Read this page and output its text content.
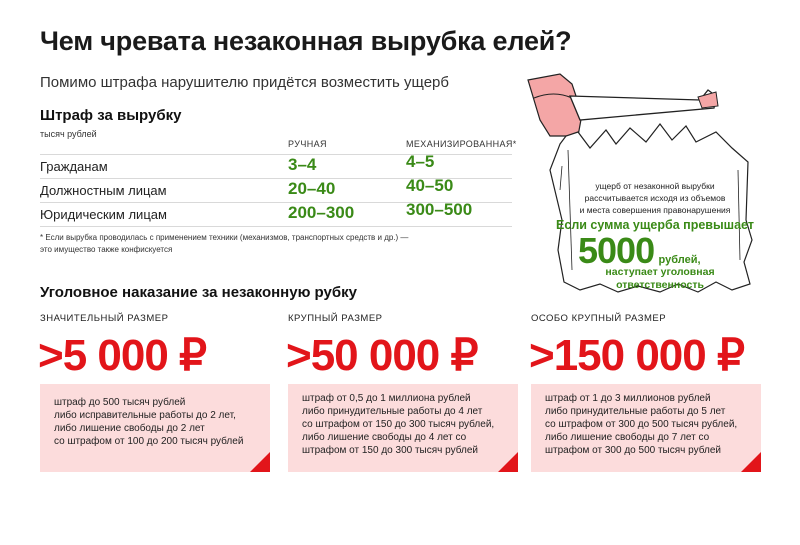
Чем чревата незаконная вырубка елей?
Помимо штрафа нарушителю придётся возместить ущерб
Штраф за вырубку
тысяч рублей
РУЧНАЯ	МЕХАНИЗИРОВАННАЯ*
Гражданам	3–4	4–5
Должностным лицам	20–40	40–50
Юридическим лицам	200–300	300–500
* Если вырубка проводилась с применением техники (механизмов, транспортных средств и др.) —
это имущество также конфискуется
ущерб от незаконной вырубки
рассчитывается исходя из объемов
и места совершения правонарушения
Если сумма ущерба превышает
5000 рублей,
наступает уголовная
ответственность
Уголовное наказание за незаконную рубку
ЗНАЧИТЕЛЬНЫЙ РАЗМЕР
>5 000 ₽
штраф до 500 тысяч рублей
либо исправительные работы до 2 лет,
либо лишение свободы до 2 лет
со штрафом от 100 до 200 тысяч рублей
КРУПНЫЙ РАЗМЕР
>50 000 ₽
штраф от 0,5 до 1 миллиона рублей
либо принудительные работы до 4 лет
со штрафом от 150 до 300 тысяч рублей,
либо лишение свободы до 4 лет со
штрафом от 150 до 300 тысяч рублей
ОСОБО КРУПНЫЙ РАЗМЕР
>150 000 ₽
штраф от 1 до 3 миллионов рублей
либо принудительные работы до 5 лет
со штрафом от 300 до 500 тысяч рублей,
либо лишение свободы до 7 лет со
штрафом от 300 до 500 тысяч рублей
